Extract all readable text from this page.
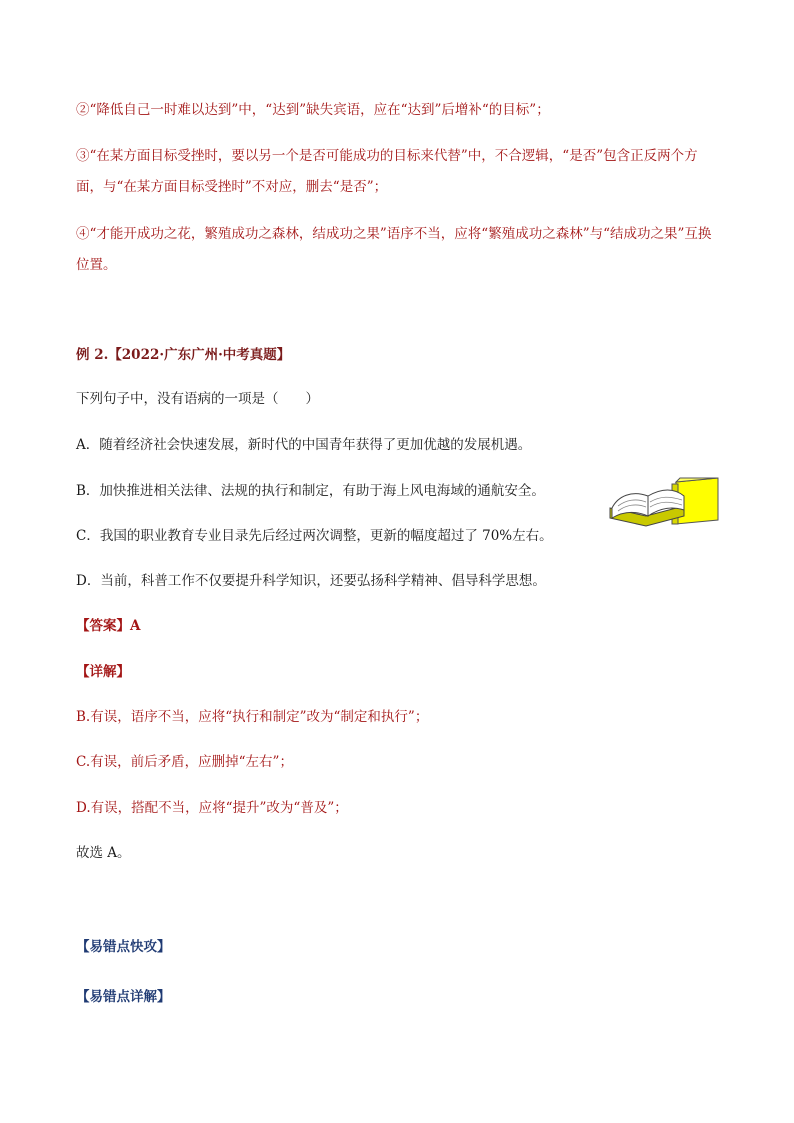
②“降低自己一时难以达到”中，“达到”缺失宾语，应在“达到”后增补“的目标”；
③“在某方面目标受挫时，要以另一个是否可能成功的目标来代替”中，不合逻辑，“是否”包含正反两个方
面，与“在某方面目标受挫时”不对应，删去“是否”；
④“才能开成功之花，繁殖成功之森林，结成功之果”语序不当，应将“繁殖成功之森林”与“结成功之果”互换
位置。
例 2.【2022·广东广州·中考真题】
下列句子中，没有语病的一项是（　　）
A．随着经济社会快速发展，新时代的中国青年获得了更加优越的发展机遇。
B．加快推进相关法律、法规的执行和制定，有助于海上风电海域的通航安全。
C．我国的职业教育专业目录先后经过两次调整，更新的幅度超过了 70%左右。
D．当前，科普工作不仅要提升科学知识，还要弘扬科学精神、倡导科学思想。
【答案】A
【详解】
B.有误，语序不当，应将“执行和制定”改为“制定和执行”；
C.有误，前后矛盾，应删掉“左右”；
D.有误，搭配不当，应将“提升”改为“普及”；
故选 A。
【易错点快攻】
【易错点详解】
